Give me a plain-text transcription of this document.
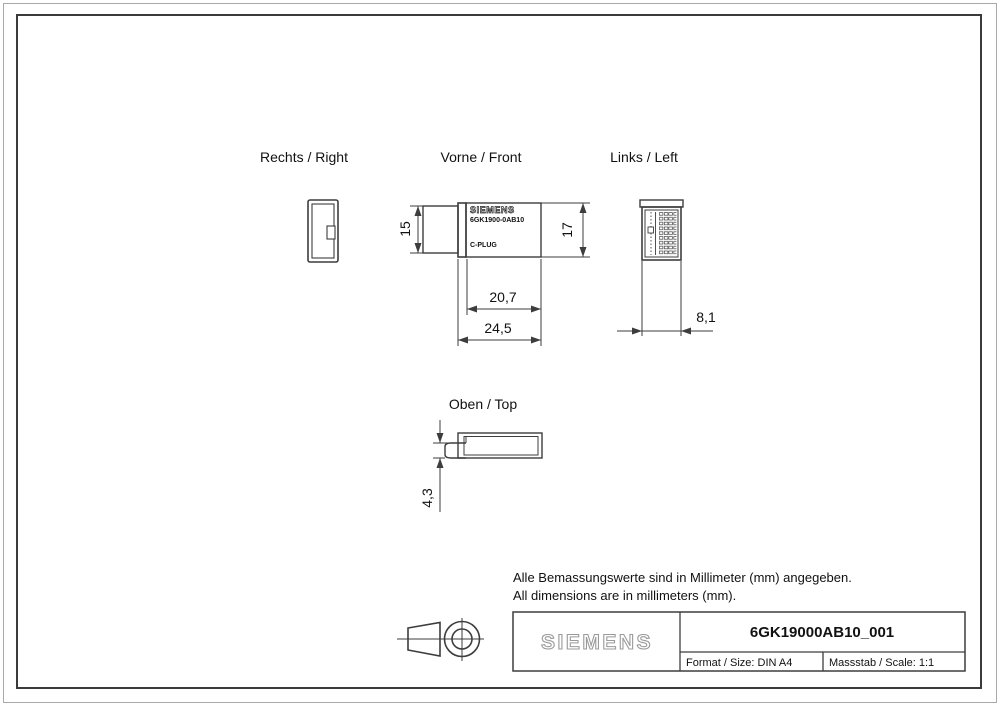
Rechts / Right	Vorne / Front	Links / Left
Oben / Top
SIEMENS
6GK1900-0AB10
C-PLUG
15	17
20,7
24,5
8,1
4,3
Alle Bemassungswerte sind in Millimeter (mm) angegeben.
All dimensions are in millimeters (mm).
SIEMENS	6GK19000AB10_001
Format / Size: DIN A4	Massstab / Scale: 1:1
